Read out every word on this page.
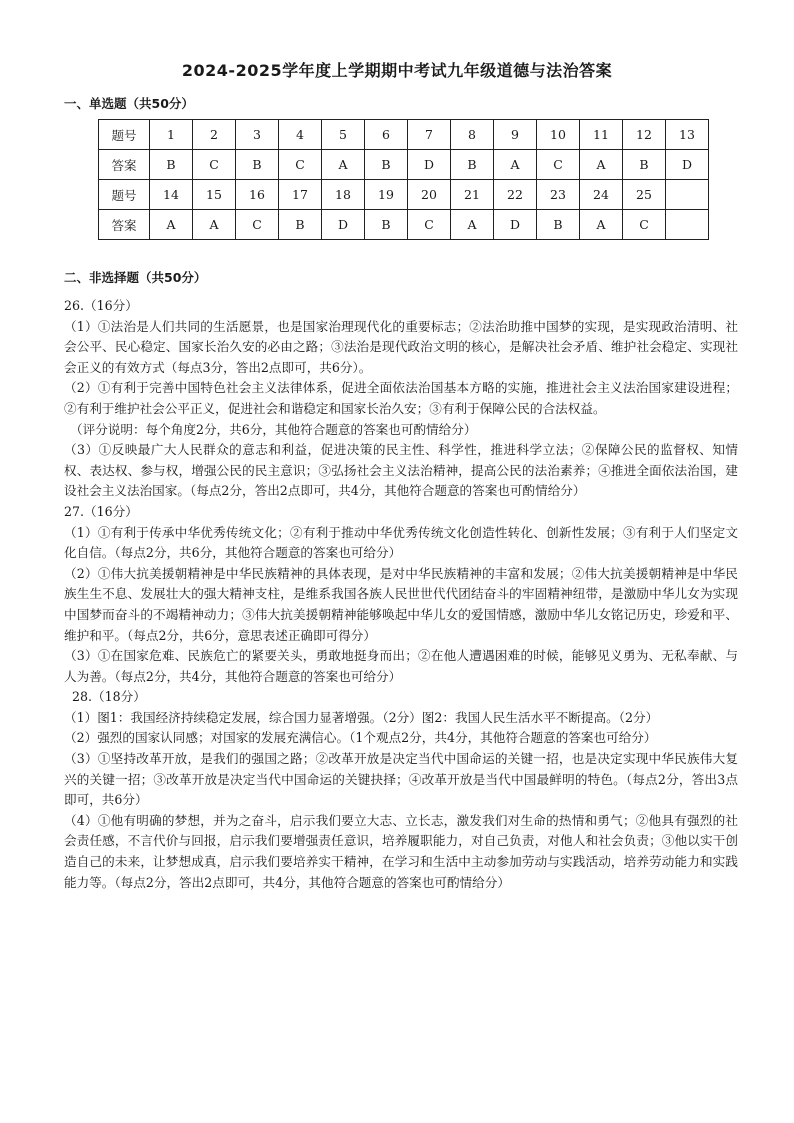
2024-2025学年度上学期期中考试九年级道德与法治答案
一、单选题（共50分）
题号	1	2	3	4	5	6	7	8	9	10	11	12	13
答案	B	C	B	C	A	B	D	B	A	C	A	B	D
题号	14	15	16	17	18	19	20	21	22	23	24	25	
答案	A	A	C	B	D	B	C	A	D	B	A	C	
二、非选择题（共50分）

26.（16分）

（1）①法治是人们共同的生活愿景，也是国家治理现代化的重要标志；②法治助推中国梦的实现，是实现政治清明、社会公平、民心稳定、国家长治久安的必由之路；③法治是现代政治文明的核心，是解决社会矛盾、维护社会稳定、实现社会正义的有效方式（每点3分，答出2点即可，共6分）。

（2）①有利于完善中国特色社会主义法律体系，促进全面依法治国基本方略的实施，推进社会主义法治国家建设进程；②有利于维护社会公平正义，促进社会和谐稳定和国家长治久安；③有利于保障公民的合法权益。

（评分说明：每个角度2分，共6分，其他符合题意的答案也可酌情给分）

（3）①反映最广大人民群众的意志和利益，促进决策的民主性、科学性，推进科学立法；②保障公民的监督权、知情权、表达权、参与权，增强公民的民主意识；③弘扬社会主义法治精神，提高公民的法治素养；④推进全面依法治国，建设社会主义法治国家。（每点2分，答出2点即可，共4分，其他符合题意的答案也可酌情给分）

27.（16分）

（1）①有利于传承中华优秀传统文化；②有利于推动中华优秀传统文化创造性转化、创新性发展；③有利于人们坚定文化自信。（每点2分，共6分，其他符合题意的答案也可给分）

（2）①伟大抗美援朝精神是中华民族精神的具体表现，是对中华民族精神的丰富和发展；②伟大抗美援朝精神是中华民族生生不息、发展壮大的强大精神支柱，是维系我国各族人民世世代代团结奋斗的牢固精神纽带，是激励中华儿女为实现中国梦而奋斗的不竭精神动力；③伟大抗美援朝精神能够唤起中华儿女的爱国情感，激励中华儿女铭记历史，珍爱和平、维护和平。（每点2分，共6分，意思表述正确即可得分）

（3）①在国家危难、民族危亡的紧要关头，勇敢地挺身而出；②在他人遭遇困难的时候，能够见义勇为、无私奉献、与人为善。（每点2分，共4分，其他符合题意的答案也可给分）

28.（18分）

（1）图1：我国经济持续稳定发展，综合国力显著增强。（2分）图2：我国人民生活水平不断提高。（2分）

（2）强烈的国家认同感；对国家的发展充满信心。（1个观点2分，共4分，其他符合题意的答案也可给分）

（3）①坚持改革开放，是我们的强国之路；②改革开放是决定当代中国命运的关键一招，也是决定实现中华民族伟大复兴的关键一招；③改革开放是决定当代中国命运的关键抉择；④改革开放是当代中国最鲜明的特色。（每点2分，答出3点即可，共6分）

（4）①他有明确的梦想，并为之奋斗，启示我们要立大志、立长志，激发我们对生命的热情和勇气；②他具有强烈的社会责任感，不言代价与回报，启示我们要增强责任意识，培养履职能力，对自己负责，对他人和社会负责；③他以实干创造自己的未来，让梦想成真，启示我们要培养实干精神，在学习和生活中主动参加劳动与实践活动，培养劳动能力和实践能力等。（每点2分，答出2点即可，共4分，其他符合题意的答案也可酌情给分）
